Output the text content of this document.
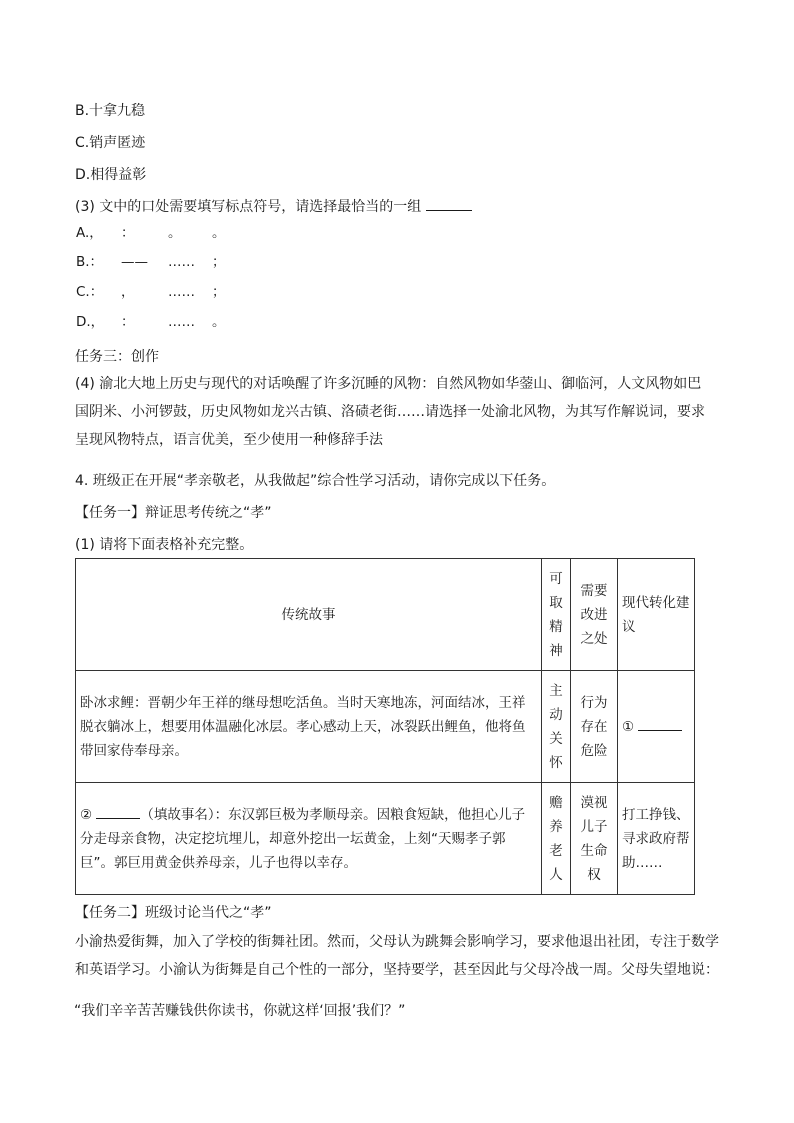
B.十拿九稳
C.销声匿迹
D.相得益彰
(3) 文中的口处需要填写标点符号，请选择最恰当的一组
A.， ： 。 。
B.： —— …… ；
C.： ， …… ；
D.， ： …… 。
任务三：创作
(4) 渝北大地上历史与现代的对话唤醒了许多沉睡的风物：自然风物如华蓥山、御临河，人文风物如巴国阴米、小河锣鼓，历史风物如龙兴古镇、洛碛老街……请选择一处渝北风物，为其写作解说词，要求呈现风物特点，语言优美，至少使用一种修辞手法
4. 班级正在开展“孝亲敬老，从我做起”综合性学习活动，请你完成以下任务。
【任务一】辩证思考传统之“孝”
(1) 请将下面表格补充完整。
传统故事	可取精神	需要改进之处	现代转化建议
卧冰求鲤：晋朝少年王祥的继母想吃活鱼。当时天寒地冻，河面结冰，王祥脱衣躺冰上，想要用体温融化冰层。孝心感动上天，冰裂跃出鲤鱼，他将鱼带回家侍奉母亲。	主动关怀	行为存在危险	①
② （填故事名）：东汉郭巨极为孝顺母亲。因粮食短缺，他担心儿子分走母亲食物，决定挖坑埋儿，却意外挖出一坛黄金，上刻“天赐孝子郭巨”。郭巨用黄金供养母亲，儿子也得以幸存。	赡养老人	漠视儿子生命权	打工挣钱、寻求政府帮助……
【任务二】班级讨论当代之“孝”
小渝热爱街舞，加入了学校的街舞社团。然而，父母认为跳舞会影响学习，要求他退出社团，专注于数学和英语学习。小渝认为街舞是自己个性的一部分，坚持要学，甚至因此与父母冷战一周。父母失望地说：
“我们辛辛苦苦赚钱供你读书，你就这样‘回报’我们？”
